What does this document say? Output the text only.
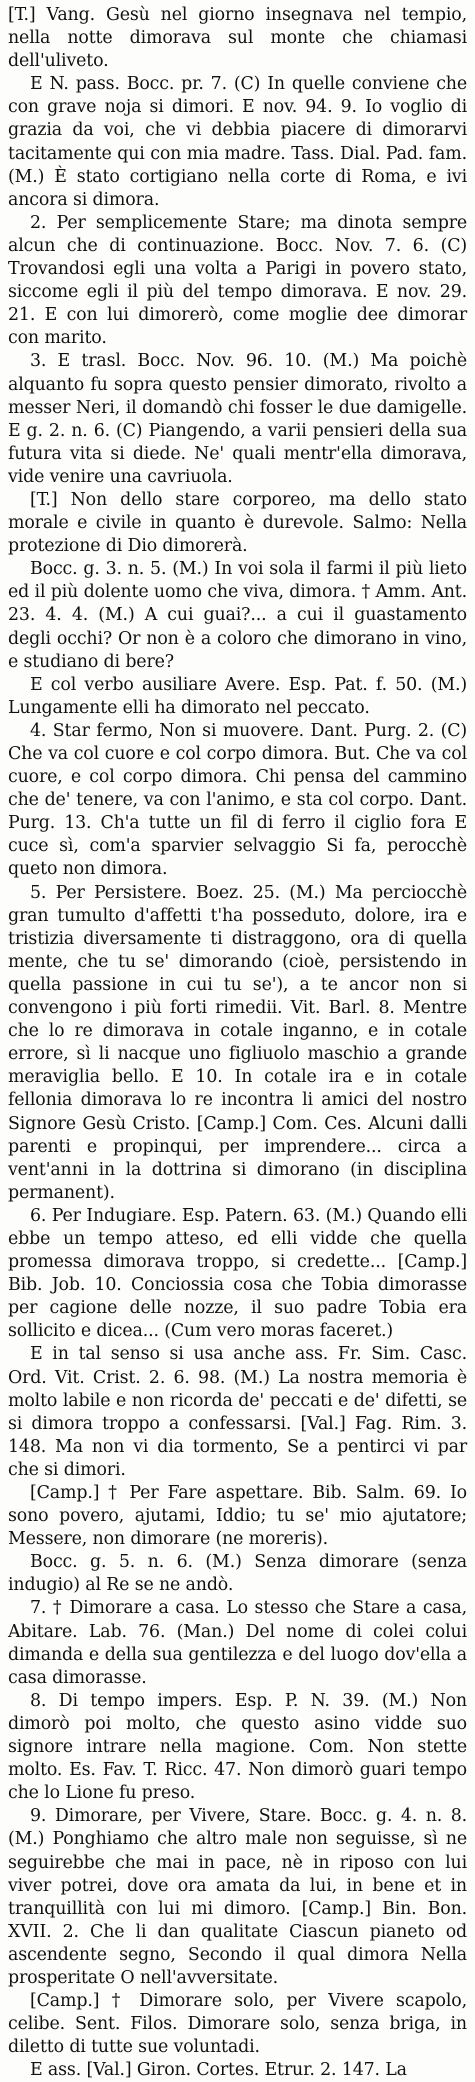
[T.] Vang. Gesù nel giorno insegnava nel tempio, nella notte dimorava sul monte che chiamasi dell'uliveto.

E N. pass. Bocc. pr. 7. (C) In quelle conviene che con grave noja si dimori. E nov. 94. 9. Io voglio di grazia da voi, che vi debbia piacere di dimorarvi tacitamente qui con mia madre. Tass. Dial. Pad. fam. (M.) È stato cortigiano nella corte di Roma, e ivi ancora si dimora.

2. Per semplicemente Stare; ma dinota sempre alcun che di continuazione. Bocc. Nov. 7. 6. (C) Trovandosi egli una volta a Parigi in povero stato, siccome egli il più del tempo dimorava. E nov. 29. 21. E con lui dimorerò, come moglie dee dimorar con marito.

3. E trasl. Bocc. Nov. 96. 10. (M.) Ma poichè alquanto fu sopra questo pensier dimorato, rivolto a messer Neri, il domandò chi fosser le due damigelle. E g. 2. n. 6. (C) Piangendo, a varii pensieri della sua futura vita si diede. Ne' quali mentr'ella dimorava, vide venire una cavriuola.

[T.] Non dello stare corporeo, ma dello stato morale e civile in quanto è durevole. Salmo: Nella protezione di Dio dimorerà.

Bocc. g. 3. n. 5. (M.) In voi sola il farmi il più lieto ed il più dolente uomo che viva, dimora. † Amm. Ant. 23. 4. 4. (M.) A cui guai?... a cui il guastamento degli occhi? Or non è a coloro che dimorano in vino, e studiano di bere?

E col verbo ausiliare Avere. Esp. Pat. f. 50. (M.) Lungamente elli ha dimorato nel peccato.

4. Star fermo, Non si muovere. Dant. Purg. 2. (C) Che va col cuore e col corpo dimora. But. Che va col cuore, e col corpo dimora. Chi pensa del cammino che de' tenere, va con l'animo, e sta col corpo. Dant. Purg. 13. Ch'a tutte un fil di ferro il ciglio fora E cuce sì, com'a sparvier selvaggio Si fa, perocchè queto non dimora.

5. Per Persistere. Boez. 25. (M.) Ma perciocchè gran tumulto d'affetti t'ha posseduto, dolore, ira e tristizia diversamente ti distraggono, ora di quella mente, che tu se' dimorando (cioè, persistendo in quella passione in cui tu se'), a te ancor non si convengono i più forti rimedii. Vit. Barl. 8. Mentre che lo re dimorava in cotale inganno, e in cotale errore, sì li nacque uno figliuolo maschio a grande meraviglia bello. E 10. In cotale ira e in cotale fellonia dimorava lo re incontra li amici del nostro Signore Gesù Cristo. [Camp.] Com. Ces. Alcuni dalli parenti e propinqui, per imprendere... circa a vent'anni in la dottrina si dimorano (in disciplina permanent).

6. Per Indugiare. Esp. Patern. 63. (M.) Quando elli ebbe un tempo atteso, ed elli vidde che quella promessa dimorava troppo, si credette... [Camp.] Bib. Job. 10. Conciossia cosa che Tobia dimorasse per cagione delle nozze, il suo padre Tobia era sollicito e dicea... (Cum vero moras faceret.)

E in tal senso si usa anche ass. Fr. Sim. Casc. Ord. Vit. Crist. 2. 6. 98. (M.) La nostra memoria è molto labile e non ricorda de' peccati e de' difetti, se si dimora troppo a confessarsi. [Val.] Fag. Rim. 3. 148. Ma non vi dia tormento, Se a pentirci vi par che si dimori.

[Camp.] † Per Fare aspettare. Bib. Salm. 69. Io sono povero, ajutami, Iddio; tu se' mio ajutatore; Messere, non dimorare (ne moreris).

Bocc. g. 5. n. 6. (M.) Senza dimorare (senza indugio) al Re se ne andò.

7. † Dimorare a casa. Lo stesso che Stare a casa, Abitare. Lab. 76. (Man.) Del nome di colei colui dimanda e della sua gentilezza e del luogo dov'ella a casa dimorasse.

8. Di tempo impers. Esp. P. N. 39. (M.) Non dimorò poi molto, che questo asino vidde suo signore intrare nella magione. Com. Non stette molto. Es. Fav. T. Ricc. 47. Non dimorò guari tempo che lo Lione fu preso.

9. Dimorare, per Vivere, Stare. Bocc. g. 4. n. 8. (M.) Ponghiamo che altro male non seguisse, sì ne seguirebbe che mai in pace, nè in riposo con lui viver potrei, dove ora amata da lui, in bene et in tranquillità con lui mi dimoro. [Camp.] Bin. Bon. XVII. 2. Che li dan qualitate Ciascun pianeto od ascendente segno, Secondo il qual dimora Nella prosperitate O nell'avversitate.

[Camp.] † Dimorare solo, per Vivere scapolo, celibe. Sent. Filos. Dimorare solo, senza briga, in diletto di tutte sue voluntadi.

E ass. [Val.] Giron. Cortes. Etrur. 2. 147. La
